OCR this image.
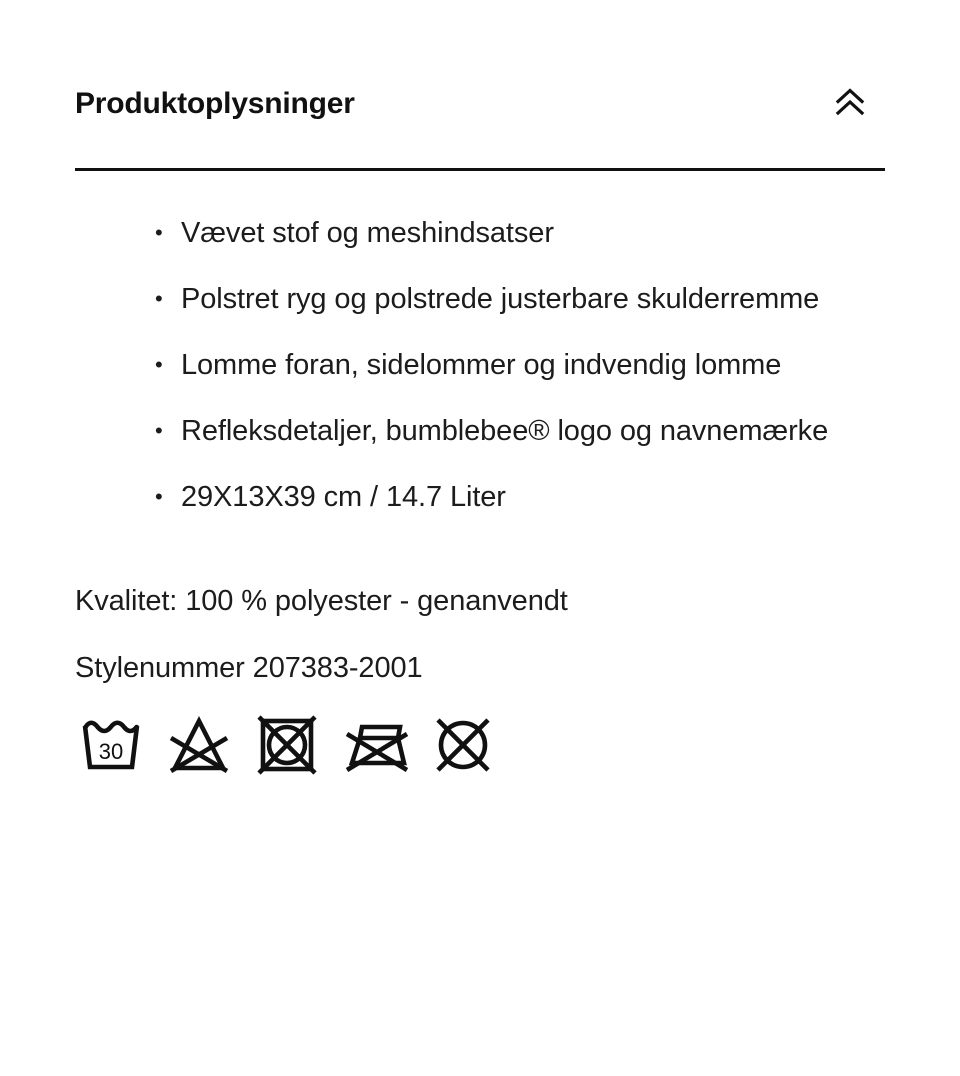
Produktoplysninger
• Vævet stof og meshindsatser
• Polstret ryg og polstrede justerbare skulderremme
• Lomme foran, sidelommer og indvendig lomme
• Refleksdetaljer, bumblebee® logo og navnemærke
• 29X13X39 cm / 14.7 Liter
Kvalitet: 100 % polyester - genanvendt
Stylenummer 207383-2001
30
